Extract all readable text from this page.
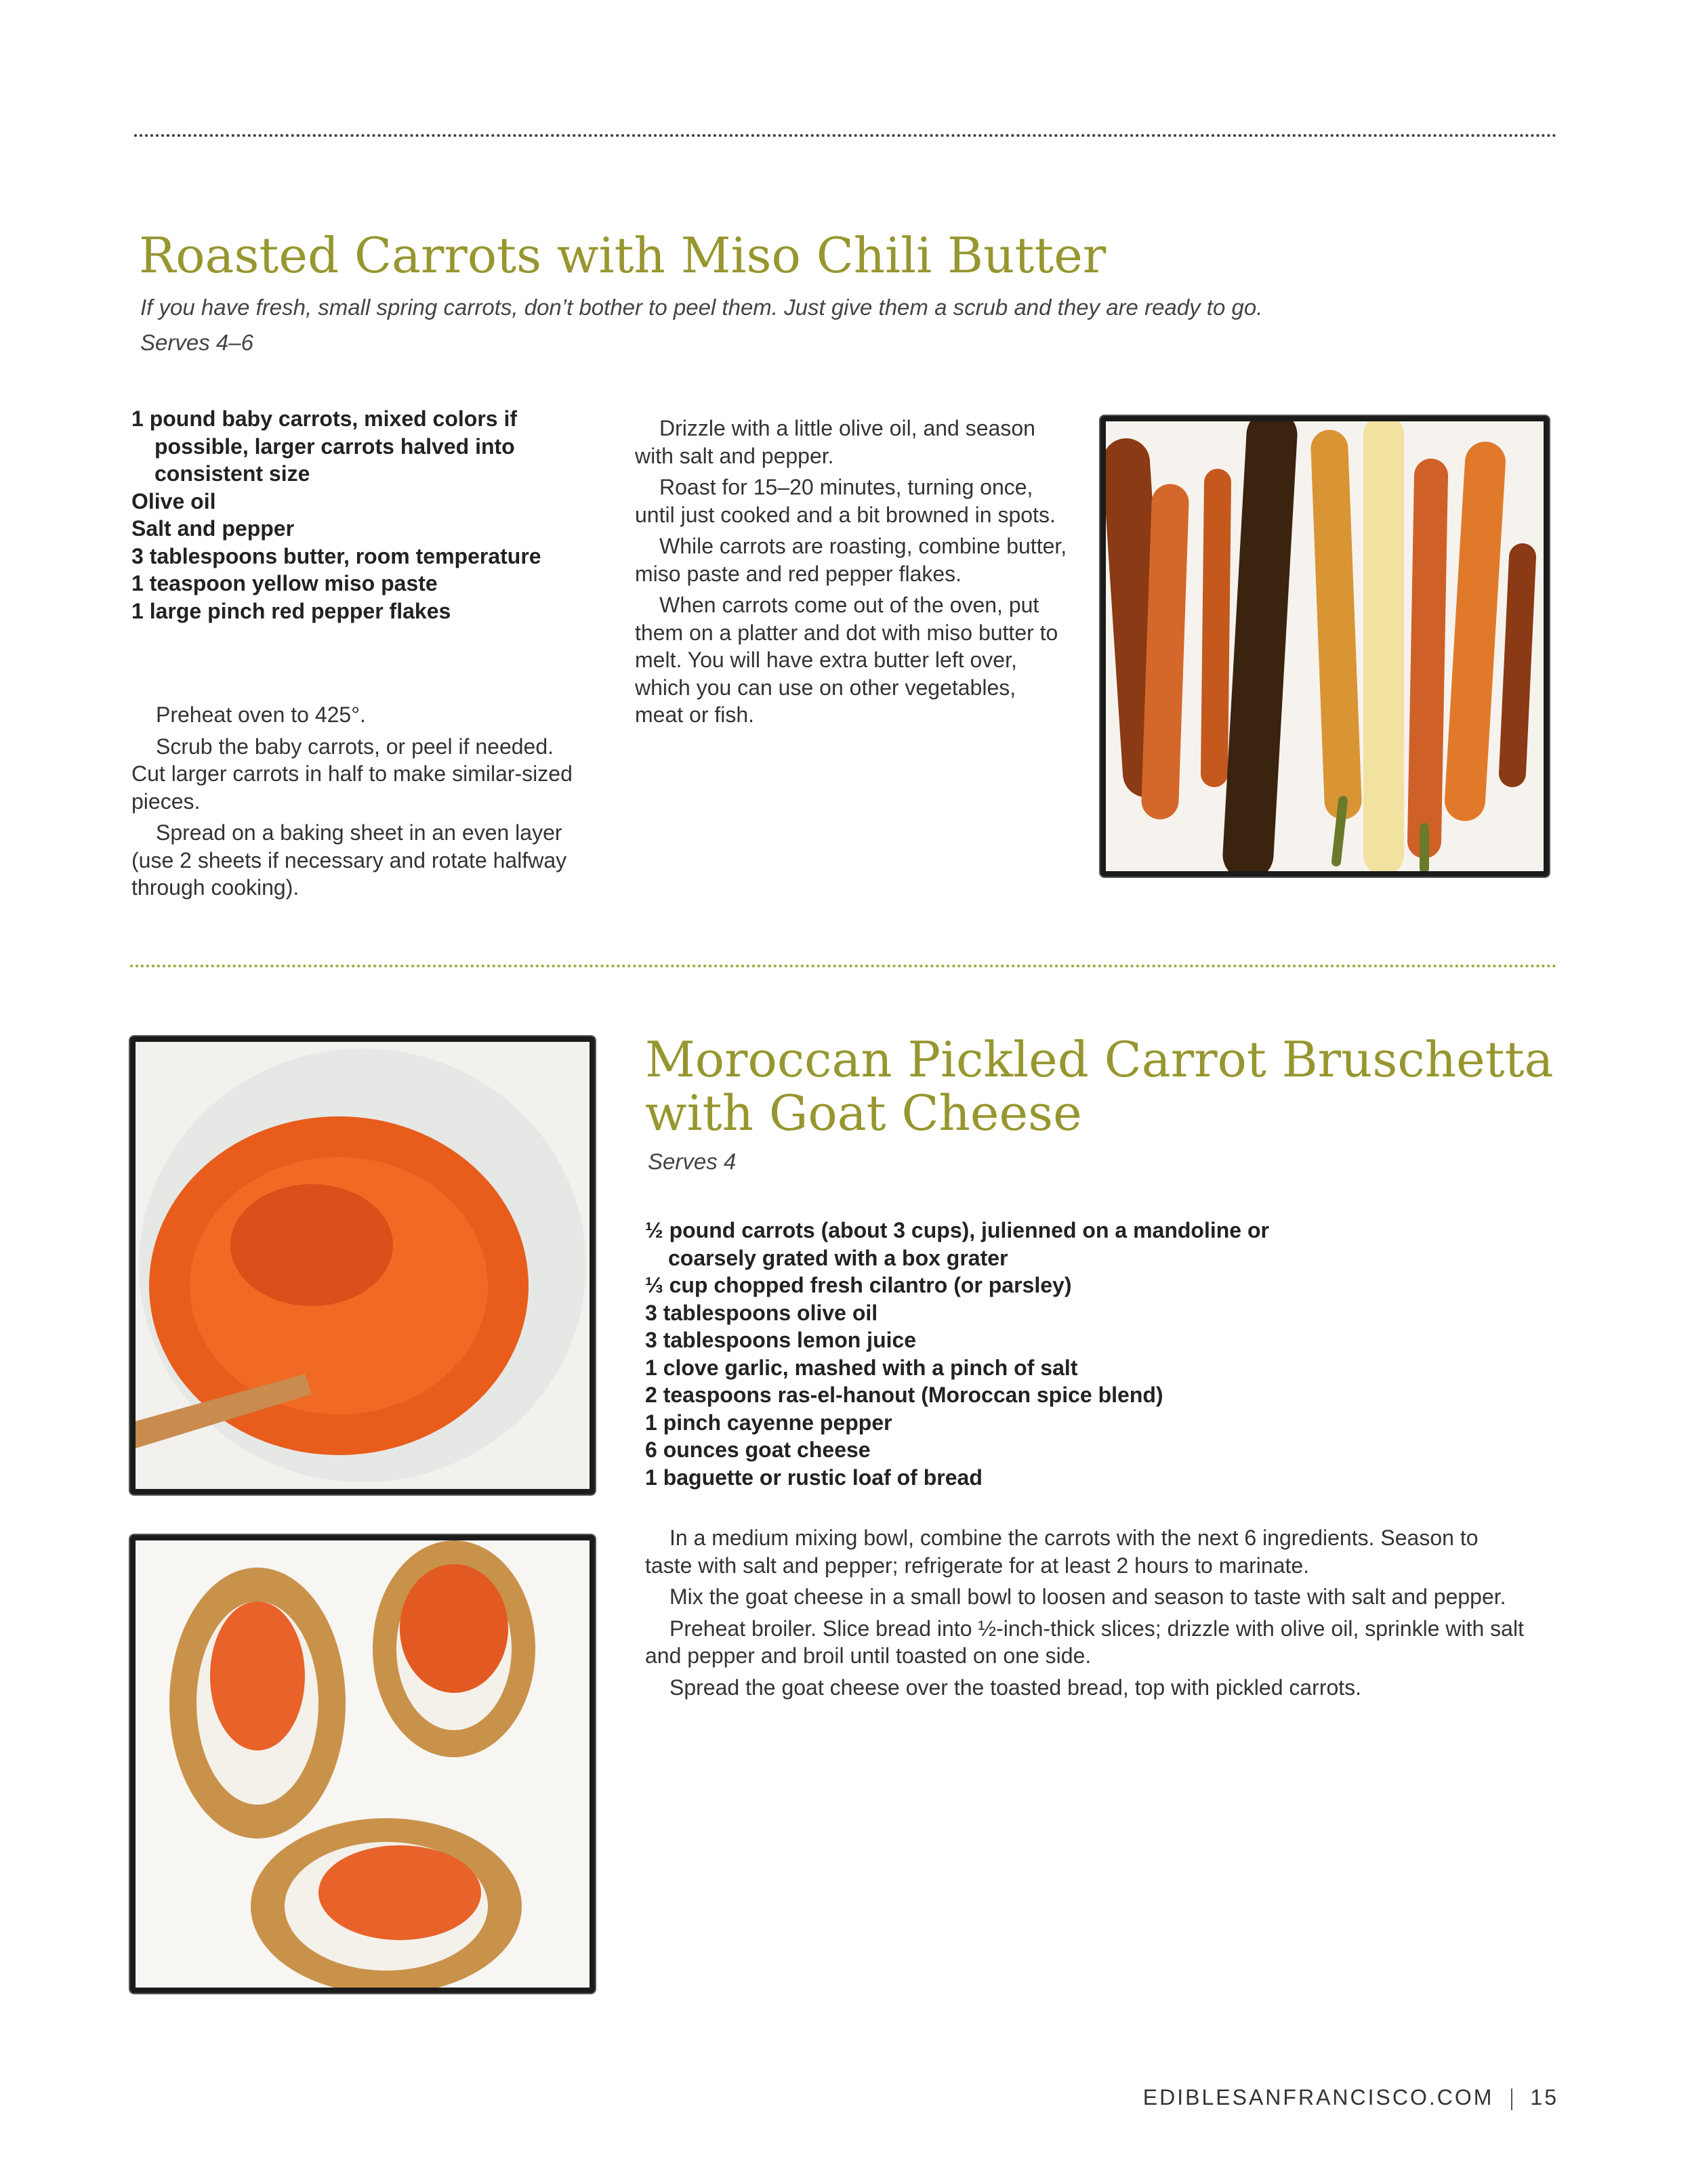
Roasted Carrots with Miso Chili Butter

If you have fresh, small spring carrots, don’t bother to peel them. Just give them a scrub and they are ready to go.

Serves 4–6

1 pound baby carrots, mixed colors if possible, larger carrots halved into consistent size
Olive oil
Salt and pepper
3 tablespoons butter, room temperature
1 teaspoon yellow miso paste
1 large pinch red pepper flakes

Preheat oven to 425°.

Scrub the baby carrots, or peel if needed. Cut larger carrots in half to make similar-sized pieces.

Spread on a baking sheet in an even layer (use 2 sheets if necessary and rotate halfway through cooking).

Drizzle with a little olive oil, and season with salt and pepper.

Roast for 15–20 minutes, turning once, until just cooked and a bit browned in spots.

While carrots are roasting, combine butter, miso paste and red pepper flakes.

When carrots come out of the oven, put them on a platter and dot with miso butter to melt. You will have extra butter left over, which you can use on other vegetables, meat or fish.

Moroccan Pickled Carrot Bruschetta
with Goat Cheese

Serves 4

½ pound carrots (about 3 cups), julienned on a mandoline or coarsely grated with a box grater
⅓ cup chopped fresh cilantro (or parsley)
3 tablespoons olive oil
3 tablespoons lemon juice
1 clove garlic, mashed with a pinch of salt
2 teaspoons ras-el-hanout (Moroccan spice blend)
1 pinch cayenne pepper
6 ounces goat cheese
1 baguette or rustic loaf of bread

In a medium mixing bowl, combine the carrots with the next 6 ingredients. Season to taste with salt and pepper; refrigerate for at least 2 hours to marinate.

Mix the goat cheese in a small bowl to loosen and season to taste with salt and pepper.

Preheat broiler. Slice bread into ½-inch-thick slices; drizzle with olive oil, sprinkle with salt and pepper and broil until toasted on one side.

Spread the goat cheese over the toasted bread, top with pickled carrots.

EDIBLESANFRANCISCO.COM 15
